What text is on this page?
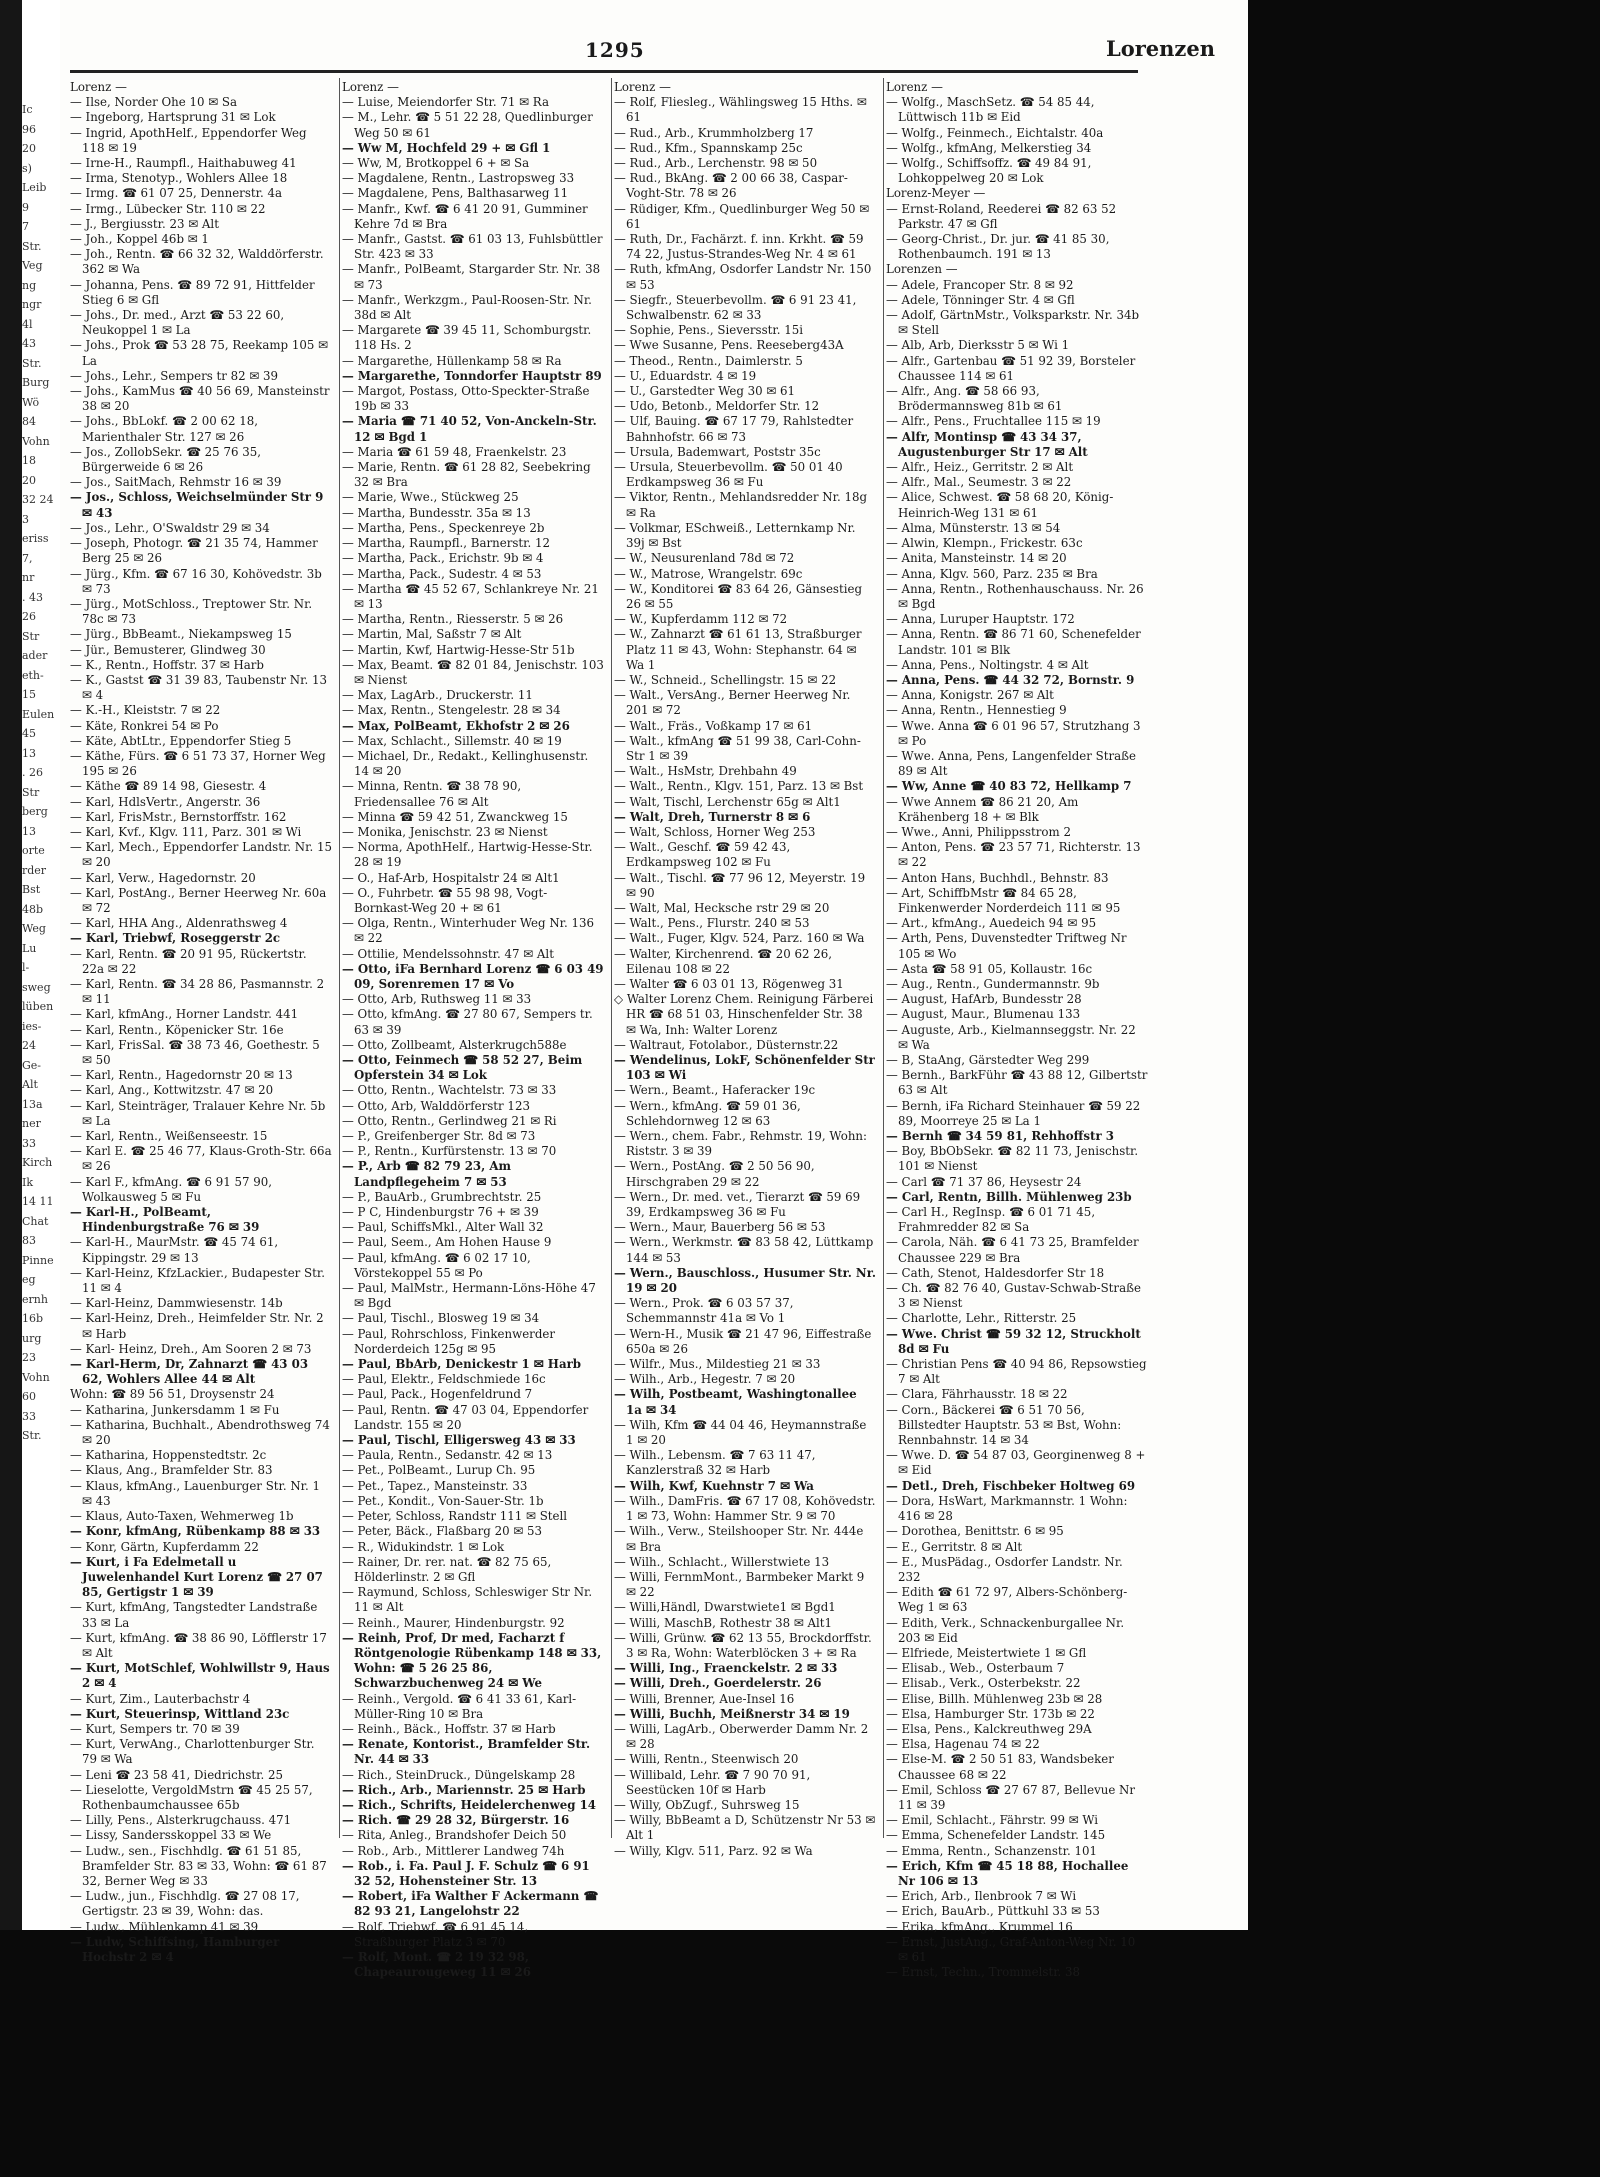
Ic
96
20
s)
Leib
9
7
Str.
Veg
ng
ngr
4l
43
Str.
Burg
Wö
84
Vohn
18
20
32 24
3
eriss
7,
nr
. 43
26
Str
ader
eth-
15
Eulen
45
13
. 26
Str
berg
13
orte
rder
Bst
48b
Weg
Lu
l-
sweg
lüben
ies-
24
Ge-
Alt
13a
ner
33
Kirch
Ik
14 11
Chat
83
Pinne
eg
ernh
16b
urg
23
Vohn
60
33
Str.
1295	Lorenzen
Lorenz —
— Ilse, Norder Ohe 10 ✉ Sa
— Ingeborg, Hartsprung 31 ✉ Lok
— Ingrid, ApothHelf., Eppendorfer Weg 118 ✉ 19
— Irne-H., Raumpfl., Haithabuweg 41
— Irma, Stenotyp., Wohlers Allee 18
— Irmg. ☎ 61 07 25, Dennerstr. 4a
— Irmg., Lübecker Str. 110 ✉ 22
— J., Bergiusstr. 23 ✉ Alt
— Joh., Koppel 46b ✉ 1
— Joh., Rentn. ☎ 66 32 32, Walddörferstr. 362 ✉ Wa
— Johanna, Pens. ☎ 89 72 91, Hittfelder Stieg 6 ✉ Gfl
— Johs., Dr. med., Arzt ☎ 53 22 60, Neukoppel 1 ✉ La
— Johs., Prok ☎ 53 28 75, Reekamp 105 ✉ La
— Johs., Lehr., Sempers tr 82 ✉ 39
— Johs., KamMus ☎ 40 56 69, Mansteinstr 38 ✉ 20
— Johs., BbLokf. ☎ 2 00 62 18, Marienthaler Str. 127 ✉ 26
— Jos., ZollobSekr. ☎ 25 76 35, Bürgerweide 6 ✉ 26
— Jos., SaitMach, Rehmstr 16 ✉ 39
— Jos., Schloss, Weichselmünder Str 9 ✉ 43
— Jos., Lehr., O'Swaldstr 29 ✉ 34
— Joseph, Photogr. ☎ 21 35 74, Hammer Berg 25 ✉ 26
— Jürg., Kfm. ☎ 67 16 30, Kohövedstr. 3b ✉ 73
— Jürg., MotSchloss., Treptower Str. Nr. 78c ✉ 73
— Jürg., BbBeamt., Niekampsweg 15
— Jür., Bemusterer, Glindweg 30
— K., Rentn., Hoffstr. 37 ✉ Harb
— K., Gastst ☎ 31 39 83, Taubenstr Nr. 13 ✉ 4
— K.-H., Kleiststr. 7 ✉ 22
— Käte, Ronkrei 54 ✉ Po
— Käte, AbtLtr., Eppendorfer Stieg 5
— Käthe, Fürs. ☎ 6 51 73 37, Horner Weg 195 ✉ 26
— Käthe ☎ 89 14 98, Giesestr. 4
— Karl, HdlsVertr., Angerstr. 36
— Karl, FrisMstr., Bernstorffstr. 162
— Karl, Kvf., Klgv. 111, Parz. 301 ✉ Wi
— Karl, Mech., Eppendorfer Landstr. Nr. 15 ✉ 20
— Karl, Verw., Hagedornstr. 20
— Karl, PostAng., Berner Heerweg Nr. 60a ✉ 72
— Karl, HHA Ang., Aldenrathsweg 4
— Karl, Triebwf, Roseggerstr 2c
— Karl, Rentn. ☎ 20 91 95, Rückertstr. 22a ✉ 22
— Karl, Rentn. ☎ 34 28 86, Pasmannstr. 2 ✉ 11
— Karl, kfmAng., Horner Landstr. 441
— Karl, Rentn., Köpenicker Str. 16e
— Karl, FrisSal. ☎ 38 73 46, Goethestr. 5 ✉ 50
— Karl, Rentn., Hagedornstr 20 ✉ 13
— Karl, Ang., Kottwitzstr. 47 ✉ 20
— Karl, Steinträger, Tralauer Kehre Nr. 5b ✉ La
— Karl, Rentn., Weißenseestr. 15
— Karl E. ☎ 25 46 77, Klaus-Groth-Str. 66a ✉ 26
— Karl F., kfmAng. ☎ 6 91 57 90, Wolkausweg 5 ✉ Fu
— Karl-H., PolBeamt, Hindenburgstraße 76 ✉ 39
— Karl-H., MaurMstr. ☎ 45 74 61, Kippingstr. 29 ✉ 13
— Karl-Heinz, KfzLackier., Budapester Str. 11 ✉ 4
— Karl-Heinz, Dammwiesenstr. 14b
— Karl-Heinz, Dreh., Heimfelder Str. Nr. 2 ✉ Harb
— Karl- Heinz, Dreh., Am Sooren 2 ✉ 73
— Karl-Herm, Dr, Zahnarzt ☎ 43 03 62, Wohlers Allee 44 ✉ Alt
Wohn: ☎ 89 56 51, Droysenstr 24
— Katharina, Junkersdamm 1 ✉ Fu
— Katharina, Buchhalt., Abendrothsweg 74 ✉ 20
— Katharina, Hoppenstedtstr. 2c
— Klaus, Ang., Bramfelder Str. 83
— Klaus, kfmAng., Lauenburger Str. Nr. 1 ✉ 43
— Klaus, Auto-Taxen, Wehmerweg 1b
— Konr, kfmAng, Rübenkamp 88 ✉ 33
— Konr, Gärtn, Kupferdamm 22
— Kurt, i Fa Edelmetall u Juwelenhandel Kurt Lorenz ☎ 27 07 85, Gertigstr 1 ✉ 39
— Kurt, kfmAng, Tangstedter Landstraße 33 ✉ La
— Kurt, kfmAng. ☎ 38 86 90, Löfflerstr 17 ✉ Alt
— Kurt, MotSchlef, Wohlwillstr 9, Haus 2 ✉ 4
— Kurt, Zim., Lauterbachstr 4
— Kurt, Steuerinsp, Wittland 23c
— Kurt, Sempers tr. 70 ✉ 39
— Kurt, VerwAng., Charlottenburger Str. 79 ✉ Wa
— Leni ☎ 23 58 41, Diedrichstr. 25
— Lieselotte, VergoldMstrn ☎ 45 25 57, Rothenbaumchaussee 65b
— Lilly, Pens., Alsterkrugchauss. 471
— Lissy, Sandersskoppel 33 ✉ We
— Ludw., sen., Fischhdlg. ☎ 61 51 85, Bramfelder Str. 83 ✉ 33, Wohn: ☎ 61 87 32, Berner Weg ✉ 33
— Ludw., jun., Fischhdlg. ☎ 27 08 17, Gertigstr. 23 ✉ 39, Wohn: das.
— Ludw., Mühlenkamp 41 ✉ 39
— Ludw, Schiffsing, Hamburger Hochstr 2 ✉ 4
Lorenz —
— Luise, Meiendorfer Str. 71 ✉ Ra
— M., Lehr. ☎ 5 51 22 28, Quedlinburger Weg 50 ✉ 61
— Ww M, Hochfeld 29 + ✉ Gfl 1
— Ww, M, Brotkoppel 6 + ✉ Sa
— Magdalene, Rentn., Lastropsweg 33
— Magdalene, Pens, Balthasarweg 11
— Manfr., Kwf. ☎ 6 41 20 91, Gumminer Kehre 7d ✉ Bra
— Manfr., Gastst. ☎ 61 03 13, Fuhlsbüttler Str. 423 ✉ 33
— Manfr., PolBeamt, Stargarder Str. Nr. 38 ✉ 73
— Manfr., Werkzgm., Paul-Roosen-Str. Nr. 38d ✉ Alt
— Margarete ☎ 39 45 11, Schomburgstr. 118 Hs. 2
— Margarethe, Hüllenkamp 58 ✉ Ra
— Margarethe, Tonndorfer Hauptstr 89
— Margot, Postass, Otto-Speckter-Straße 19b ✉ 33
— Maria ☎ 71 40 52, Von-Anckeln-Str. 12 ✉ Bgd 1
— Maria ☎ 61 59 48, Fraenkelstr. 23
— Marie, Rentn. ☎ 61 28 82, Seebekring 32 ✉ Bra
— Marie, Wwe., Stückweg 25
— Martha, Bundesstr. 35a ✉ 13
— Martha, Pens., Speckenreye 2b
— Martha, Raumpfl., Barnerstr. 12
— Martha, Pack., Erichstr. 9b ✉ 4
— Martha, Pack., Sudestr. 4 ✉ 53
— Martha ☎ 45 52 67, Schlankreye Nr. 21 ✉ 13
— Martha, Rentn., Riesserstr. 5 ✉ 26
— Martin, Mal, Saßstr 7 ✉ Alt
— Martin, Kwf, Hartwig-Hesse-Str 51b
— Max, Beamt. ☎ 82 01 84, Jenischstr. 103 ✉ Nienst
— Max, LagArb., Druckerstr. 11
— Max, Rentn., Stengelestr. 28 ✉ 34
— Max, PolBeamt, Ekhofstr 2 ✉ 26
— Max, Schlacht., Sillemstr. 40 ✉ 19
— Michael, Dr., Redakt., Kellinghusenstr. 14 ✉ 20
— Minna, Rentn. ☎ 38 78 90, Friedensallee 76 ✉ Alt
— Minna ☎ 59 42 51, Zwanckweg 15
— Monika, Jenischstr. 23 ✉ Nienst
— Norma, ApothHelf., Hartwig-Hesse-Str. 28 ✉ 19
— O., Haf-Arb, Hospitalstr 24 ✉ Alt1
— O., Fuhrbetr. ☎ 55 98 98, Vogt-Bornkast-Weg 20 + ✉ 61
— Olga, Rentn., Winterhuder Weg Nr. 136 ✉ 22
— Ottilie, Mendelssohnstr. 47 ✉ Alt
— Otto, iFa Bernhard Lorenz ☎ 6 03 49 09, Sorenremen 17 ✉ Vo
— Otto, Arb, Ruthsweg 11 ✉ 33
— Otto, kfmAng. ☎ 27 80 67, Sempers tr. 63 ✉ 39
— Otto, Zollbeamt, Alsterkrugch588e
— Otto, Feinmech ☎ 58 52 27, Beim Opferstein 34 ✉ Lok
— Otto, Rentn., Wachtelstr. 73 ✉ 33
— Otto, Arb, Walddörferstr 123
— Otto, Rentn., Gerlindweg 21 ✉ Ri
— P., Greifenberger Str. 8d ✉ 73
— P., Rentn., Kurfürstenstr. 13 ✉ 70
— P., Arb ☎ 82 79 23, Am Landpflegeheim 7 ✉ 53
— P., BauArb., Grumbrechtstr. 25
— P C, Hindenburgstr 76 + ✉ 39
— Paul, SchiffsMkl., Alter Wall 32
— Paul, Seem., Am Hohen Hause 9
— Paul, kfmAng. ☎ 6 02 17 10, Vörstekoppel 55 ✉ Po
— Paul, MalMstr., Hermann-Löns-Höhe 47 ✉ Bgd
— Paul, Tischl., Blosweg 19 ✉ 34
— Paul, Rohrschloss, Finkenwerder Norderdeich 125g ✉ 95
— Paul, BbArb, Denickestr 1 ✉ Harb
— Paul, Elektr., Feldschmiede 16c
— Paul, Pack., Hogenfeldrund 7
— Paul, Rentn. ☎ 47 03 04, Eppendorfer Landstr. 155 ✉ 20
— Paul, Tischl, Elligersweg 43 ✉ 33
— Paula, Rentn., Sedanstr. 42 ✉ 13
— Pet., PolBeamt., Lurup Ch. 95
— Pet., Tapez., Mansteinstr. 33
— Pet., Kondit., Von-Sauer-Str. 1b
— Peter, Schloss, Randstr 111 ✉ Stell
— Peter, Bäck., Flaßbarg 20 ✉ 53
— R., Widukindstr. 1 ✉ Lok
— Rainer, Dr. rer. nat. ☎ 82 75 65, Hölderlinstr. 2 ✉ Gfl
— Raymund, Schloss, Schleswiger Str Nr. 11 ✉ Alt
— Reinh., Maurer, Hindenburgstr. 92
— Reinh, Prof, Dr med, Facharzt f Röntgenologie Rübenkamp 148 ✉ 33, Wohn: ☎ 5 26 25 86, Schwarzbuchenweg 24 ✉ We
— Reinh., Vergold. ☎ 6 41 33 61, Karl-Müller-Ring 10 ✉ Bra
— Reinh., Bäck., Hoffstr. 37 ✉ Harb
— Renate, Kontorist., Bramfelder Str. Nr. 44 ✉ 33
— Rich., SteinDruck., Düngelskamp 28
— Rich., Arb., Mariennstr. 25 ✉ Harb
— Rich., Schrifts, Heidelerchenweg 14
— Rich. ☎ 29 28 32, Bürgerstr. 16
— Rita, Anleg., Brandshofer Deich 50
— Rob., Arb., Mittlerer Landweg 74h
— Rob., i. Fa. Paul J. F. Schulz ☎ 6 91 32 52, Hohensteiner Str. 13
— Robert, iFa Walther F Ackermann ☎ 82 93 21, Langelohstr 22
— Rolf, Triebwf. ☎ 6 91 45 14, Straßburger Platz 3 ✉ 70
— Rolf, Mont. ☎ 2 19 32 98, Chapeaurougeweg 11 ✉ 26
Lorenz —
— Rolf, Fliesleg., Wählingsweg 15 Hths. ✉ 61
— Rud., Arb., Krummholzberg 17
— Rud., Kfm., Spannskamp 25c
— Rud., Arb., Lerchenstr. 98 ✉ 50
— Rud., BkAng. ☎ 2 00 66 38, Caspar-Voght-Str. 78 ✉ 26
— Rüdiger, Kfm., Quedlinburger Weg 50 ✉ 61
— Ruth, Dr., Fachärzt. f. inn. Krkht. ☎ 59 74 22, Justus-Strandes-Weg Nr. 4 ✉ 61
— Ruth, kfmAng, Osdorfer Landstr Nr. 150 ✉ 53
— Siegfr., Steuerbevollm. ☎ 6 91 23 41, Schwalbenstr. 62 ✉ 33
— Sophie, Pens., Sieversstr. 15i
— Wwe Susanne, Pens. Reeseberg43A
— Theod., Rentn., Daimlerstr. 5
— U., Eduardstr. 4 ✉ 19
— U., Garstedter Weg 30 ✉ 61
— Udo, Betonb., Meldorfer Str. 12
— Ulf, Bauing. ☎ 67 17 79, Rahlstedter Bahnhofstr. 66 ✉ 73
— Ursula, Bademwart, Poststr 35c
— Ursula, Steuerbevollm. ☎ 50 01 40 Erdkampsweg 36 ✉ Fu
— Viktor, Rentn., Mehlandsredder Nr. 18g ✉ Ra
— Volkmar, ESchweiß., Letternkamp Nr. 39j ✉ Bst
— W., Neusurenland 78d ✉ 72
— W., Matrose, Wrangelstr. 69c
— W., Konditorei ☎ 83 64 26, Gänsestieg 26 ✉ 55
— W., Kupferdamm 112 ✉ 72
— W., Zahnarzt ☎ 61 61 13, Straßburger Platz 11 ✉ 43, Wohn: Stephanstr. 64 ✉ Wa 1
— W., Schneid., Schellingstr. 15 ✉ 22
— Walt., VersAng., Berner Heerweg Nr. 201 ✉ 72
— Walt., Fräs., Voßkamp 17 ✉ 61
— Walt., kfmAng ☎ 51 99 38, Carl-Cohn-Str 1 ✉ 39
— Walt., HsMstr, Drehbahn 49
— Walt., Rentn., Klgv. 151, Parz. 13 ✉ Bst
— Walt, Tischl, Lerchenstr 65g ✉ Alt1
— Walt, Dreh, Turnerstr 8 ✉ 6
— Walt, Schloss, Horner Weg 253
— Walt., Geschf. ☎ 59 42 43, Erdkampsweg 102 ✉ Fu
— Walt., Tischl. ☎ 77 96 12, Meyerstr. 19 ✉ 90
— Walt, Mal, Hecksche rstr 29 ✉ 20
— Walt., Pens., Flurstr. 240 ✉ 53
— Walt., Fuger, Klgv. 524, Parz. 160 ✉ Wa
— Walter, Kirchenrend. ☎ 20 62 26, Eilenau 108 ✉ 22
— Walter ☎ 6 03 01 13, Rögenweg 31
◇ Walter Lorenz Chem. Reinigung Färberei HR ☎ 68 51 03, Hinschenfelder Str. 38 ✉ Wa, Inh: Walter Lorenz
— Waltraut, Fotolabor., Düsternstr.22
— Wendelinus, LokF, Schönenfelder Str 103 ✉ Wi
— Wern., Beamt., Haferacker 19c
— Wern., kfmAng. ☎ 59 01 36, Schlehdornweg 12 ✉ 63
— Wern., chem. Fabr., Rehmstr. 19, Wohn: Riststr. 3 ✉ 39
— Wern., PostAng. ☎ 2 50 56 90, Hirschgraben 29 ✉ 22
— Wern., Dr. med. vet., Tierarzt ☎ 59 69 39, Erdkampsweg 36 ✉ Fu
— Wern., Maur, Bauerberg 56 ✉ 53
— Wern., Werkmstr. ☎ 83 58 42, Lüttkamp 144 ✉ 53
— Wern., Bauschloss., Husumer Str. Nr. 19 ✉ 20
— Wern., Prok. ☎ 6 03 57 37, Schemmannstr 41a ✉ Vo 1
— Wern-H., Musik ☎ 21 47 96, Eiffestraße 650a ✉ 26
— Wilfr., Mus., Mildestieg 21 ✉ 33
— Wilh., Arb., Hegestr. 7 ✉ 20
— Wilh, Postbeamt, Washingtonallee 1a ✉ 34
— Wilh, Kfm ☎ 44 04 46, Heymannstraße 1 ✉ 20
— Wilh., Lebensm. ☎ 7 63 11 47, Kanzlerstraß 32 ✉ Harb
— Wilh, Kwf, Kuehnstr 7 ✉ Wa
— Wilh., DamFris. ☎ 67 17 08, Kohövedstr. 1 ✉ 73, Wohn: Hammer Str. 9 ✉ 70
— Wilh., Verw., Steilshooper Str. Nr. 444e ✉ Bra
— Wilh., Schlacht., Willerstwiete 13
— Willi, FernmMont., Barmbeker Markt 9 ✉ 22
— Willi,Händl, Dwarstwiete1 ✉ Bgd1
— Willi, MaschB, Rothestr 38 ✉ Alt1
— Willi, Grünw. ☎ 62 13 55, Brockdorffstr. 3 ✉ Ra, Wohn: Waterblöcken 3 + ✉ Ra
— Willi, Ing., Fraenckelstr. 2 ✉ 33
— Willi, Dreh., Goerdelerstr. 26
— Willi, Brenner, Aue-Insel 16
— Willi, Buchh, Meißnerstr 34 ✉ 19
— Willi, LagArb., Oberwerder Damm Nr. 2 ✉ 28
— Willi, Rentn., Steenwisch 20
— Willibald, Lehr. ☎ 7 90 70 91, Seestücken 10f ✉ Harb
— Willy, ObZugf., Suhrsweg 15
— Willy, BbBeamt a D, Schützenstr Nr 53 ✉ Alt 1
— Willy, Klgv. 511, Parz. 92 ✉ Wa
Lorenz —
— Wolfg., MaschSetz. ☎ 54 85 44, Lüttwisch 11b ✉ Eid
— Wolfg., Feinmech., Eichtalstr. 40a
— Wolfg., kfmAng, Melkerstieg 34
— Wolfg., Schiffsoffz. ☎ 49 84 91, Lohkoppelweg 20 ✉ Lok
Lorenz-Meyer —
— Ernst-Roland, Reederei ☎ 82 63 52 Parkstr. 47 ✉ Gfl
— Georg-Christ., Dr. jur. ☎ 41 85 30, Rothenbaumch. 191 ✉ 13
Lorenzen —
— Adele, Francoper Str. 8 ✉ 92
— Adele, Tönninger Str. 4 ✉ Gfl
— Adolf, GärtnMstr., Volksparkstr. Nr. 34b ✉ Stell
— Alb, Arb, Dierksstr 5 ✉ Wi 1
— Alfr., Gartenbau ☎ 51 92 39, Borsteler Chaussee 114 ✉ 61
— Alfr., Ang. ☎ 58 66 93, Brödermannsweg 81b ✉ 61
— Alfr., Pens., Fruchtallee 115 ✉ 19
— Alfr, Montinsp ☎ 43 34 37, Augustenburger Str 17 ✉ Alt
— Alfr., Heiz., Gerritstr. 2 ✉ Alt
— Alfr., Mal., Seumestr. 3 ✉ 22
— Alice, Schwest. ☎ 58 68 20, König-Heinrich-Weg 131 ✉ 61
— Alma, Münsterstr. 13 ✉ 54
— Alwin, Klempn., Frickestr. 63c
— Anita, Mansteinstr. 14 ✉ 20
— Anna, Klgv. 560, Parz. 235 ✉ Bra
— Anna, Rentn., Rothenhauschauss. Nr. 26 ✉ Bgd
— Anna, Luruper Hauptstr. 172
— Anna, Rentn. ☎ 86 71 60, Schenefelder Landstr. 101 ✉ Blk
— Anna, Pens., Noltingstr. 4 ✉ Alt
— Anna, Pens. ☎ 44 32 72, Bornstr. 9
— Anna, Konigstr. 267 ✉ Alt
— Anna, Rentn., Hennestieg 9
— Wwe. Anna ☎ 6 01 96 57, Strutzhang 3 ✉ Po
— Wwe. Anna, Pens, Langenfelder Straße 89 ✉ Alt
— Ww, Anne ☎ 40 83 72, Hellkamp 7
— Wwe Annem ☎ 86 21 20, Am Krähenberg 18 + ✉ Blk
— Wwe., Anni, Philippsstrom 2
— Anton, Pens. ☎ 23 57 71, Richterstr. 13 ✉ 22
— Anton Hans, Buchhdl., Behnstr. 83
— Art, SchiffbMstr ☎ 84 65 28, Finkenwerder Norderdeich 111 ✉ 95
— Art., kfmAng., Auedeich 94 ✉ 95
— Arth, Pens, Duvenstedter Triftweg Nr 105 ✉ Wo
— Asta ☎ 58 91 05, Kollaustr. 16c
— Aug., Rentn., Gundermannstr. 9b
— August, HafArb, Bundesstr 28
— August, Maur., Blumenau 133
— Auguste, Arb., Kielmannseggstr. Nr. 22 ✉ Wa
— B, StaAng, Gärstedter Weg 299
— Bernh., BarkFühr ☎ 43 88 12, Gilbertstr 63 ✉ Alt
— Bernh, iFa Richard Steinhauer ☎ 59 22 89, Moorreye 25 ✉ La 1
— Bernh ☎ 34 59 81, Rehhoffstr 3
— Boy, BbObSekr. ☎ 82 11 73, Jenischstr. 101 ✉ Nienst
— Carl ☎ 71 37 86, Heysestr 24
— Carl, Rentn, Billh. Mühlenweg 23b
— Carl H., RegInsp. ☎ 6 01 71 45, Frahmredder 82 ✉ Sa
— Carola, Näh. ☎ 6 41 73 25, Bramfelder Chaussee 229 ✉ Bra
— Cath, Stenot, Haldesdorfer Str 18
— Ch. ☎ 82 76 40, Gustav-Schwab-Straße 3 ✉ Nienst
— Charlotte, Lehr., Ritterstr. 25
— Wwe. Christ ☎ 59 32 12, Struckholt 8d ✉ Fu
— Christian Pens ☎ 40 94 86, Repsowstieg 7 ✉ Alt
— Clara, Fährhausstr. 18 ✉ 22
— Corn., Bäckerei ☎ 6 51 70 56, Billstedter Hauptstr. 53 ✉ Bst, Wohn: Rennbahnstr. 14 ✉ 34
— Wwe. D. ☎ 54 87 03, Georginenweg 8 + ✉ Eid
— Detl., Dreh, Fischbeker Holtweg 69
— Dora, HsWart, Markmannstr. 1 Wohn: 416 ✉ 28
— Dorothea, Benittstr. 6 ✉ 95
— E., Gerritstr. 8 ✉ Alt
— E., MusPädag., Osdorfer Landstr. Nr. 232
— Edith ☎ 61 72 97, Albers-Schönberg-Weg 1 ✉ 63
— Edith, Verk., Schnackenburgallee Nr. 203 ✉ Eid
— Elfriede, Meistertwiete 1 ✉ Gfl
— Elisab., Web., Osterbaum 7
— Elisab., Verk., Osterbekstr. 22
— Elise, Billh. Mühlenweg 23b ✉ 28
— Elsa, Hamburger Str. 173b ✉ 22
— Elsa, Pens., Kalckreuthweg 29A
— Elsa, Hagenau 74 ✉ 22
— Else-M. ☎ 2 50 51 83, Wandsbeker Chaussee 68 ✉ 22
— Emil, Schloss ☎ 27 67 87, Bellevue Nr 11 ✉ 39
— Emil, Schlacht., Fährstr. 99 ✉ Wi
— Emma, Schenefelder Landstr. 145
— Emma, Rentn., Schanzenstr. 101
— Erich, Kfm ☎ 45 18 88, Hochallee Nr 106 ✉ 13
— Erich, Arb., Ilenbrook 7 ✉ Wi
— Erich, BauArb., Püttkuhl 33 ✉ 53
— Erika, kfmAng., Krummel 16
— Ernst, JustAng., Graf-Anton-Weg Nr. 10 ✉ 61
— Ernst, Techn., Trommelstr. 38
